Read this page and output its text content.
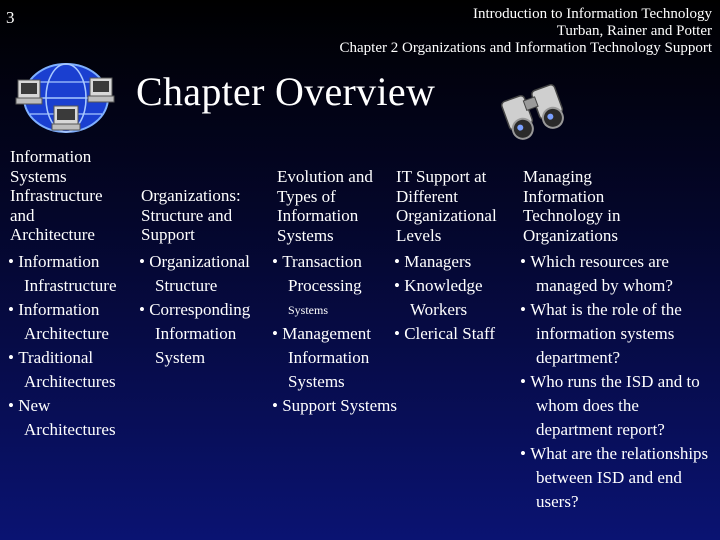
3	Introduction to Information Technology
Turban, Rainer and Potter
Chapter 2 Organizations and Information Technology Support
Chapter Overview
Information
Systems
Infrastructure
and
Architecture
• Information Infrastructure
• Information Architecture
• Traditional Architectures
• New Architectures
Organizations:
Structure and
Support
• Organizational Structure
• Corresponding Information System
Evolution and
Types of
Information
Systems
• Transaction Processing
Systems
• Management Information Systems
• Support Systems
IT Support at
Different
Organizational
Levels
• Managers
• Knowledge Workers
• Clerical Staff
Managing
Information
Technology in
Organizations
• Which resources are managed by whom?
• What is the role of the information systems department?
• Who runs the ISD and to whom does the department report?
• What are the relationships between ISD and end users?
